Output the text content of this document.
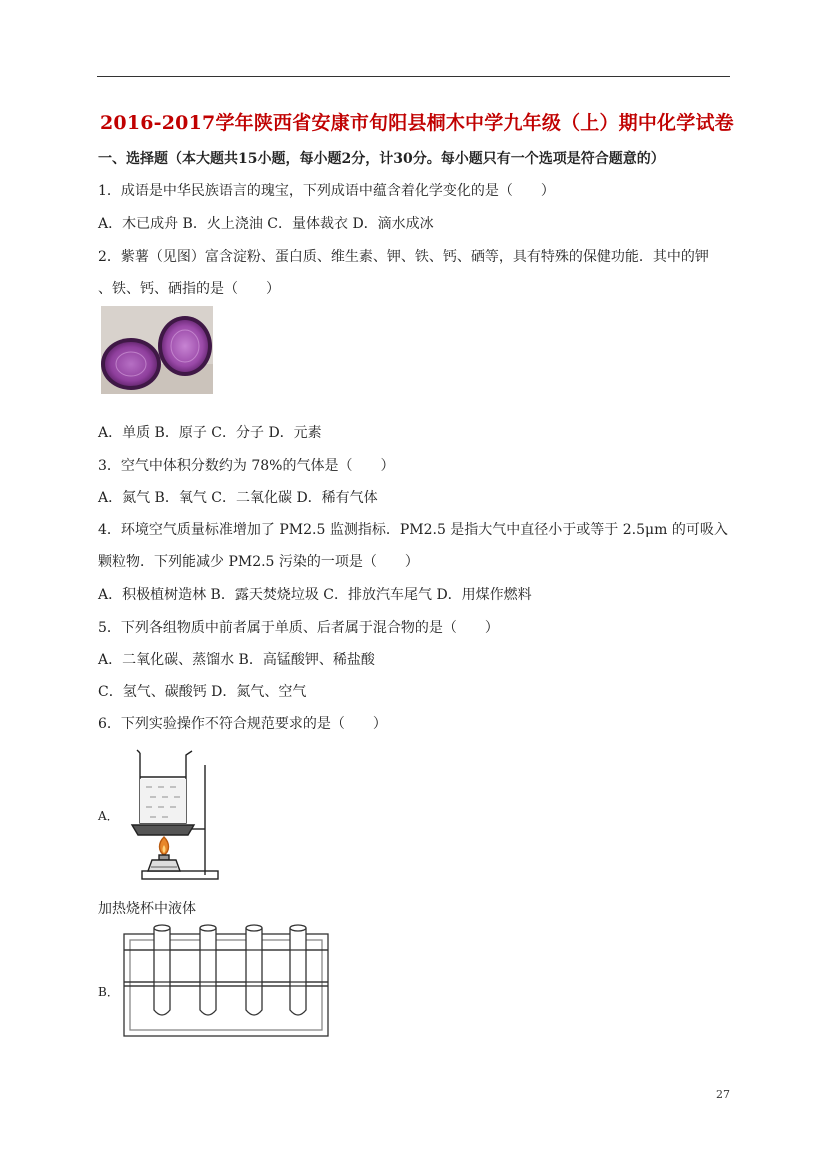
2016-2017学年陕西省安康市旬阳县桐木中学九年级（上）期中化学试卷
一、选择题（本大题共15小题，每小题2分，计30分。每小题只有一个选项是符合题意的）
1．成语是中华民族语言的瑰宝，下列成语中蕴含着化学变化的是（　　）
A．木已成舟 B．火上浇油 C．量体裁衣 D．滴水成冰
2．紫薯（见图）富含淀粉、蛋白质、维生素、钾、铁、钙、硒等，具有特殊的保健功能．其中的钾
、铁、钙、硒指的是（　　）
A．单质 B．原子 C．分子 D．元素
3．空气中体积分数约为 78%的气体是（　　）
A．氮气 B．氧气 C．二氧化碳 D．稀有气体
4．环境空气质量标准增加了 PM2.5 监测指标．PM2.5 是指大气中直径小于或等于 2.5μm 的可吸入
颗粒物．下列能减少 PM2.5 污染的一项是（　　）
A．积极植树造林 B．露天焚烧垃圾 C．排放汽车尾气 D．用煤作燃料
5．下列各组物质中前者属于单质、后者属于混合物的是（　　）
A．二氧化碳、蒸馏水 B．高锰酸钾、稀盐酸
C．氢气、碳酸钙 D．氮气、空气
6．下列实验操作不符合规范要求的是（　　）
A．
加热烧杯中液体
B．
27
